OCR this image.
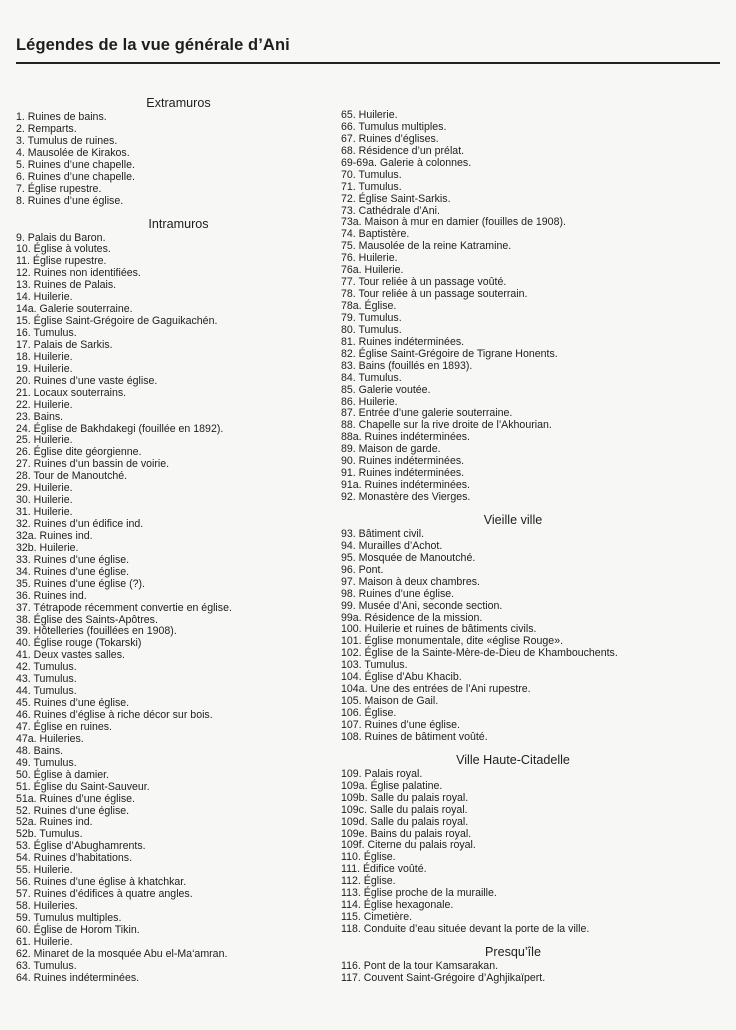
Légendes de la vue générale d’Ani
Extramuros
1. Ruines de bains.
2. Remparts.
3. Tumulus de ruines.
4. Mausolée de Kirakos.
5. Ruines d’une chapelle.
6. Ruines d’une chapelle.
7. Église rupestre.
8. Ruines d’une église.
Intramuros
9. Palais du Baron.
10. Église à volutes.
11. Église rupestre.
12. Ruines non identifiées.
13. Ruines de Palais.
14. Huilerie.
14a. Galerie souterraine.
15. Église Saint-Grégoire de Gaguikachén.
16. Tumulus.
17. Palais de Sarkis.
18. Huilerie.
19. Huilerie.
20. Ruines d’une vaste église.
21. Locaux souterrains.
22. Huilerie.
23. Bains.
24. Église de Bakhdakegi (fouillée en 1892).
25. Huilerie.
26. Église dite géorgienne.
27. Ruines d’un bassin de voirie.
28. Tour de Manoutché.
29. Huilerie.
30. Huilerie.
31. Huilerie.
32. Ruines d’un édifice ind.
32a. Ruines ind.
32b. Huilerie.
33. Ruines d’une église.
34. Ruines d’une église.
35. Ruines d’une église (?).
36. Ruines ind.
37. Tétrapode récemment convertie en église.
38. Église des Saints-Apôtres.
39. Hôtelleries (fouillées en 1908).
40. Église rouge (Tokarski)
41. Deux vastes salles.
42. Tumulus.
43. Tumulus.
44. Tumulus.
45. Ruines d’une église.
46. Ruines d’église à riche décor sur bois.
47. Église en ruines.
47a. Huileries.
48. Bains.
49. Tumulus.
50. Église à damier.
51. Église du Saint-Sauveur.
51a. Ruines d’une église.
52. Ruines d’une église.
52a. Ruines ind.
52b. Tumulus.
53. Église d’Abughamrents.
54. Ruines d’habitations.
55. Huilerie.
56. Ruines d’une église à khatchkar.
57. Ruines d’édifices à quatre angles.
58. Huileries.
59. Tumulus multiples.
60. Église de Horom Tikin.
61. Huilerie.
62. Minaret de la mosquée Abu el-Ma‘amran.
63. Tumulus.
64. Ruines indéterminées.
65. Huilerie.
66. Tumulus multiples.
67. Ruines d’églises.
68. Résidence d’un prélat.
69-69a. Galerie à colonnes.
70. Tumulus.
71. Tumulus.
72. Église Saint-Sarkis.
73. Cathédrale d’Ani.
73a. Maison à mur en damier (fouilles de 1908).
74. Baptistère.
75. Mausolée de la reine Katramine.
76. Huilerie.
76a. Huilerie.
77. Tour reliée à un passage voûté.
78. Tour reliée à un passage souterrain.
78a. Église.
79. Tumulus.
80. Tumulus.
81. Ruines indéterminées.
82. Église Saint-Grégoire de Tigrane Honents.
83. Bains (fouillés en 1893).
84. Tumulus.
85. Galerie voutée.
86. Huilerie.
87. Entrée d’une galerie souterraine.
88. Chapelle sur la rive droite de l’Akhourian.
88a. Ruines indéterminées.
89. Maison de garde.
90. Ruines indéterminées.
91. Ruines indéterminées.
91a. Ruines indéterminées.
92. Monastère des Vierges.
Vieille ville
93. Bâtiment civil.
94. Murailles d’Achot.
95. Mosquée de Manoutché.
96. Pont.
97. Maison à deux chambres.
98. Ruines d’une église.
99. Musée d’Ani, seconde section.
99a. Résidence de la mission.
100. Huilerie et ruines de bâtiments civils.
101. Église monumentale, dite «église Rouge».
102. Église de la Sainte-Mère-de-Dieu de Khambouchents.
103. Tumulus.
104. Église d’Abu Khacib.
104a. Une des entrées de l’Ani rupestre.
105. Maison de Gail.
106. Église.
107. Ruines d’une église.
108. Ruines de bâtiment voûté.
Ville Haute-Citadelle
109. Palais royal.
109a. Église palatine.
109b. Salle du palais royal.
109c. Salle du palais royal.
109d. Salle du palais royal.
109e. Bains du palais royal.
109f. Citerne du palais royal.
110. Église.
111. Édifice voûté.
112. Église.
113. Église proche de la muraille.
114. Église hexagonale.
115. Cimetière.
118. Conduite d’eau située devant la porte de la ville.
Presqu’île
116. Pont de la tour Kamsarakan.
117. Couvent Saint-Grégoire d’Aghjikaïpert.
